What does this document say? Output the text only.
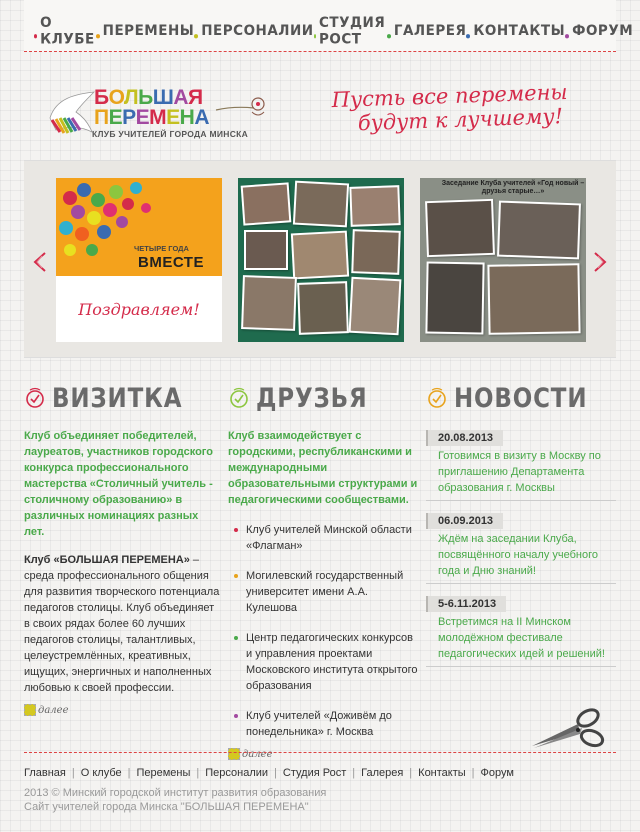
О КЛУБЕ ПЕРЕМЕНЫ ПЕРСОНАЛИИ СТУДИЯ РОСТ	ГАЛЕРЕЯ КОНТАКТЫ ФОРУМ
БОЛЬШАЯ
ПЕРЕМЕНА
КЛУБ УЧИТЕЛЕЙ ГОРОДА МИНСКА
Пусть все перемены
будут к лучшему!
ЧЕТЫРЕ ГОДА
ВМЕСТЕ
Поздравляем!
Заседание Клуба учителей «Год новый – друзья старые…»
ВИЗИТКА
Клуб объединяет победителей, лауреатов, участников городского конкурса профессионального мастерства «Столичный учитель - столичному образованию» в различных номинациях разных лет.
Клуб «БОЛЬШАЯ ПЕРЕМЕНА» – среда профессионального общения для развития творческого потенциала педагогов столицы. Клуб объединяет в своих рядах более 60 лучших педагогов столицы, талантливых, целеустремлённых, креативных, ищущих, энергичных и наполненных любовью к своей профессии.
далее
ДРУЗЬЯ
Клуб взаимодействует с городскими, республиканскими и международными образовательными структурами и педагогическими сообществами.
Клуб учителей Минской области «Флагман»
Могилевский государственный университет имени А.А. Кулешова
Центр педагогических конкурсов и управления проектами Московского института открытого образования
Клуб учителей «Доживём до понедельника» г. Москва
далее
НОВОСТИ
20.08.2013
Готовимся в визиту в Москву по приглашению Департамента образования г. Москвы
06.09.2013
Ждём на заседании Клуба, посвящённого началу учебного года и Дню знаний!
5-6.11.2013
Встретимся на II Минском молодёжном фестивале педагогических идей и решений!
Главная | О клубе | Перемены | Персоналии | Студия Рост | Галерея | Контакты | Форум
2013 © Минский городской институт развития образования
Сайт учителей города Минска "БОЛЬШАЯ ПЕРЕМЕНА"
